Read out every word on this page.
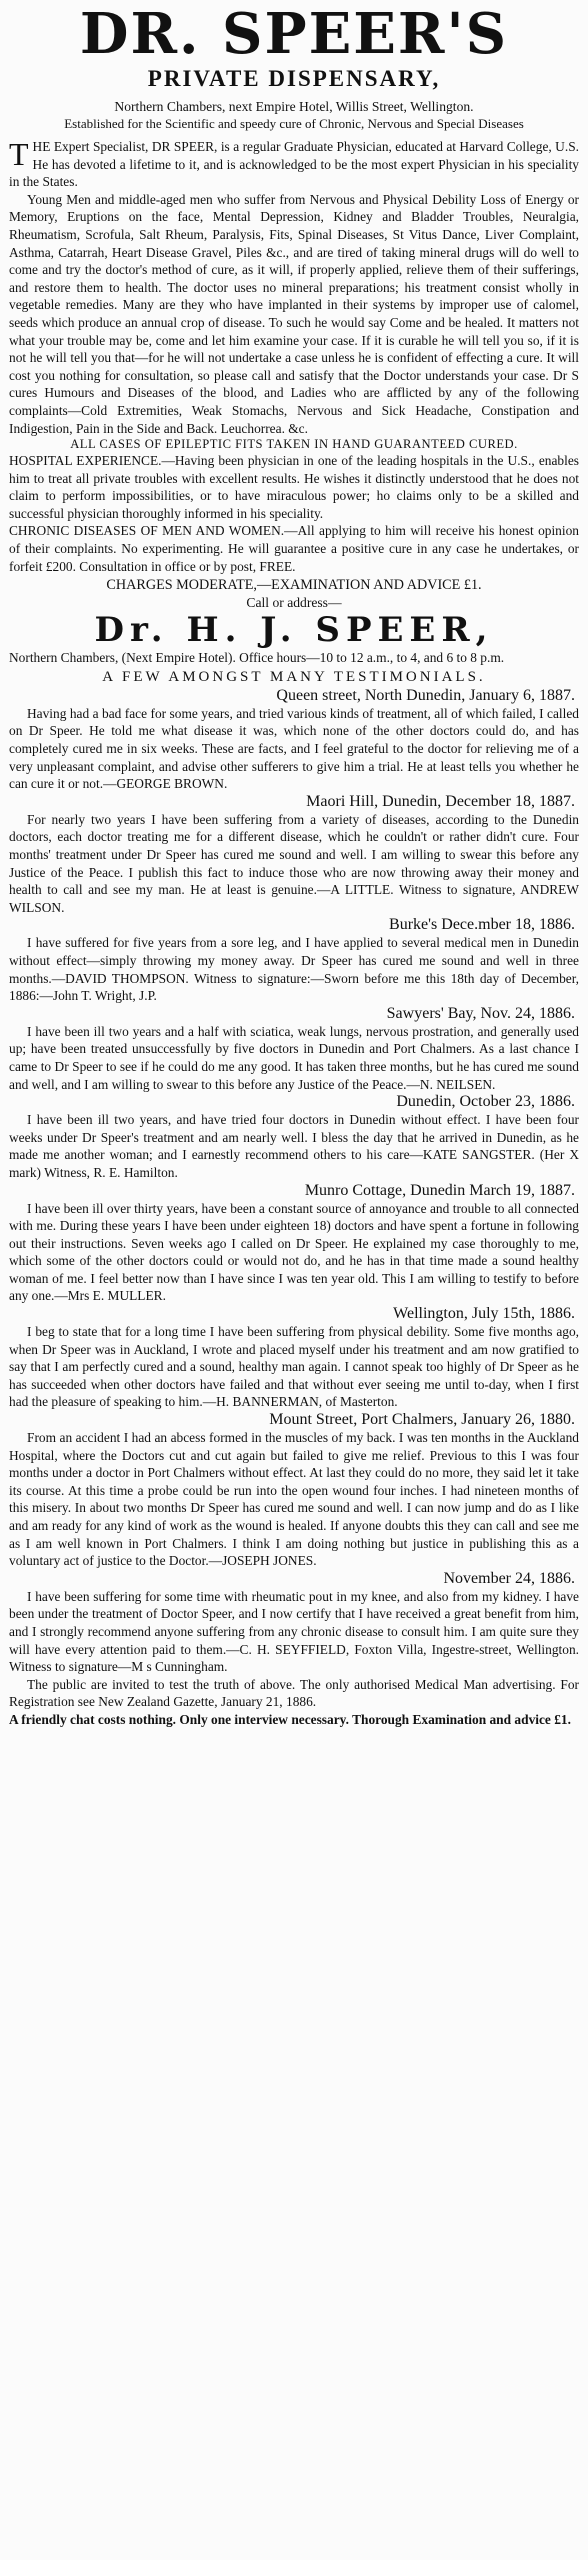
DR. SPEER'S
PRIVATE DISPENSARY,
Northern Chambers, next Empire Hotel, Willis Street, Wellington.
Established for the Scientific and speedy cure of Chronic, Nervous and Special Diseases

T HE Expert Specialist, DR SPEER, is a regular Graduate Physician, educated at Harvard College, U.S. He has devoted a lifetime to it, and is acknowledged to be the most expert Physician in his speciality in the States.

Young Men and middle-aged men who suffer from Nervous and Physical Debility Loss of Energy or Memory, Eruptions on the face, Mental Depression, Kidney and Bladder Troubles, Neuralgia, Rheumatism, Scrofula, Salt Rheum, Paralysis, Fits, Spinal Diseases, St Vitus Dance, Liver Complaint, Asthma, Catarrah, Heart Disease Gravel, Piles &c., and are tired of taking mineral drugs will do well to come and try the doctor's method of cure, as it will, if properly applied, relieve them of their sufferings, and restore them to health. The doctor uses no mineral preparations; his treatment consist wholly in vegetable remedies. Many are they who have implanted in their systems by improper use of calomel, seeds which produce an annual crop of disease. To such he would say Come and be healed. It matters not what your trouble may be, come and let him examine your case. If it is curable he will tell you so, if it is not he will tell you that—for he will not undertake a case unless he is confident of effecting a cure. It will cost you nothing for consultation, so please call and satisfy that the Doctor understands your case. Dr S cures Humours and Diseases of the blood, and Ladies who are afflicted by any of the following complaints—Cold Extremities, Weak Stomachs, Nervous and Sick Headache, Constipation and Indigestion, Pain in the Side and Back. Leuchorrea. &c.

ALL CASES OF EPILEPTIC FITS TAKEN IN HAND GUARANTEED CURED.

HOSPITAL EXPERIENCE.—Having been physician in one of the leading hospitals in the U.S., enables him to treat all private troubles with excellent results. He wishes it distinctly understood that he does not claim to perform impossibilities, or to have miraculous power; ho claims only to be a skilled and successful physician thoroughly informed in his speciality.

CHRONIC DISEASES OF MEN AND WOMEN.—All applying to him will receive his honest opinion of their complaints. No experimenting. He will guarantee a positive cure in any case he undertakes, or forfeit £200. Consultation in office or by post, FREE.

CHARGES MODERATE,—EXAMINATION AND ADVICE £1.
Call or address—
Dr. H. J. SPEER,

Northern Chambers, (Next Empire Hotel). Office hours—10 to 12 a.m., to 4, and 6 to 8 p.m.

A FEW AMONGST MANY TESTIMONIALS.
Queen street, North Dunedin, January 6, 1887.

Having had a bad face for some years, and tried various kinds of treatment, all of which failed, I called on Dr Speer. He told me what disease it was, which none of the other doctors could do, and has completely cured me in six weeks. These are facts, and I feel grateful to the doctor for relieving me of a very unpleasant complaint, and advise other sufferers to give him a trial. He at least tells you whether he can cure it or not.—GEORGE BROWN.

Maori Hill, Dunedin, December 18, 1887.

For nearly two years I have been suffering from a variety of diseases, according to the Dunedin doctors, each doctor treating me for a different disease, which he couldn't or rather didn't cure. Four months' treatment under Dr Speer has cured me sound and well. I am willing to swear this before any Justice of the Peace. I publish this fact to induce those who are now throwing away their money and health to call and see my man. He at least is genuine.—A LITTLE. Witness to signature, ANDREW WILSON.

Burke's Dece.mber 18, 1886.

I have suffered for five years from a sore leg, and I have applied to several medical men in Dunedin without effect—simply throwing my money away. Dr Speer has cured me sound and well in three months.—DAVID THOMPSON. Witness to signature:—Sworn before me this 18th day of December, 1886:—John T. Wright, J.P.

Sawyers' Bay, Nov. 24, 1886.

I have been ill two years and a half with sciatica, weak lungs, nervous prostration, and generally used up; have been treated unsuccessfully by five doctors in Dunedin and Port Chalmers. As a last chance I came to Dr Speer to see if he could do me any good. It has taken three months, but he has cured me sound and well, and I am willing to swear to this before any Justice of the Peace.—N. NEILSEN.

Dunedin, October 23, 1886.

I have been ill two years, and have tried four doctors in Dunedin without effect. I have been four weeks under Dr Speer's treatment and am nearly well. I bless the day that he arrived in Dunedin, as he made me another woman; and I earnestly recommend others to his care—KATE SANGSTER. (Her X mark) Witness, R. E. Hamilton.

Munro Cottage, Dunedin March 19, 1887.

I have been ill over thirty years, have been a constant source of annoyance and trouble to all connected with me. During these years I have been under eighteen 18) doctors and have spent a fortune in following out their instructions. Seven weeks ago I called on Dr Speer. He explained my case thoroughly to me, which some of the other doctors could or would not do, and he has in that time made a sound healthy woman of me. I feel better now than I have since I was ten year old. This I am willing to testify to before any one.—Mrs E. MULLER.

Wellington, July 15th, 1886.

I beg to state that for a long time I have been suffering from physical debility. Some five months ago, when Dr Speer was in Auckland, I wrote and placed myself under his treatment and am now gratified to say that I am perfectly cured and a sound, healthy man again. I cannot speak too highly of Dr Speer as he has succeeded when other doctors have failed and that without ever seeing me until to-day, when I first had the pleasure of speaking to him.—H. BANNERMAN, of Masterton.

Mount Street, Port Chalmers, January 26, 1880.

From an accident I had an abcess formed in the muscles of my back. I was ten months in the Auckland Hospital, where the Doctors cut and cut again but failed to give me relief. Previous to this I was four months under a doctor in Port Chalmers without effect. At last they could do no more, they said let it take its course. At this time a probe could be run into the open wound four inches. I had nineteen months of this misery. In about two months Dr Speer has cured me sound and well. I can now jump and do as I like and am ready for any kind of work as the wound is healed. If anyone doubts this they can call and see me as I am well known in Port Chalmers. I think I am doing nothing but justice in publishing this as a voluntary act of justice to the Doctor.—JOSEPH JONES.

November 24, 1886.

I have been suffering for some time with rheumatic pout in my knee, and also from my kidney. I have been under the treatment of Doctor Speer, and I now certify that I have received a great benefit from him, and I strongly recommend anyone suffering from any chronic disease to consult him. I am quite sure they will have every attention paid to them.—C. H. SEYFFIELD, Foxton Villa, Ingestre-street, Wellington. Witness to signature—M s Cunningham.

The public are invited to test the truth of above. The only authorised Medical Man advertising. For Registration see New Zealand Gazette, January 21, 1886.

A friendly chat costs nothing. Only one interview necessary. Thorough Examination and advice £1.
